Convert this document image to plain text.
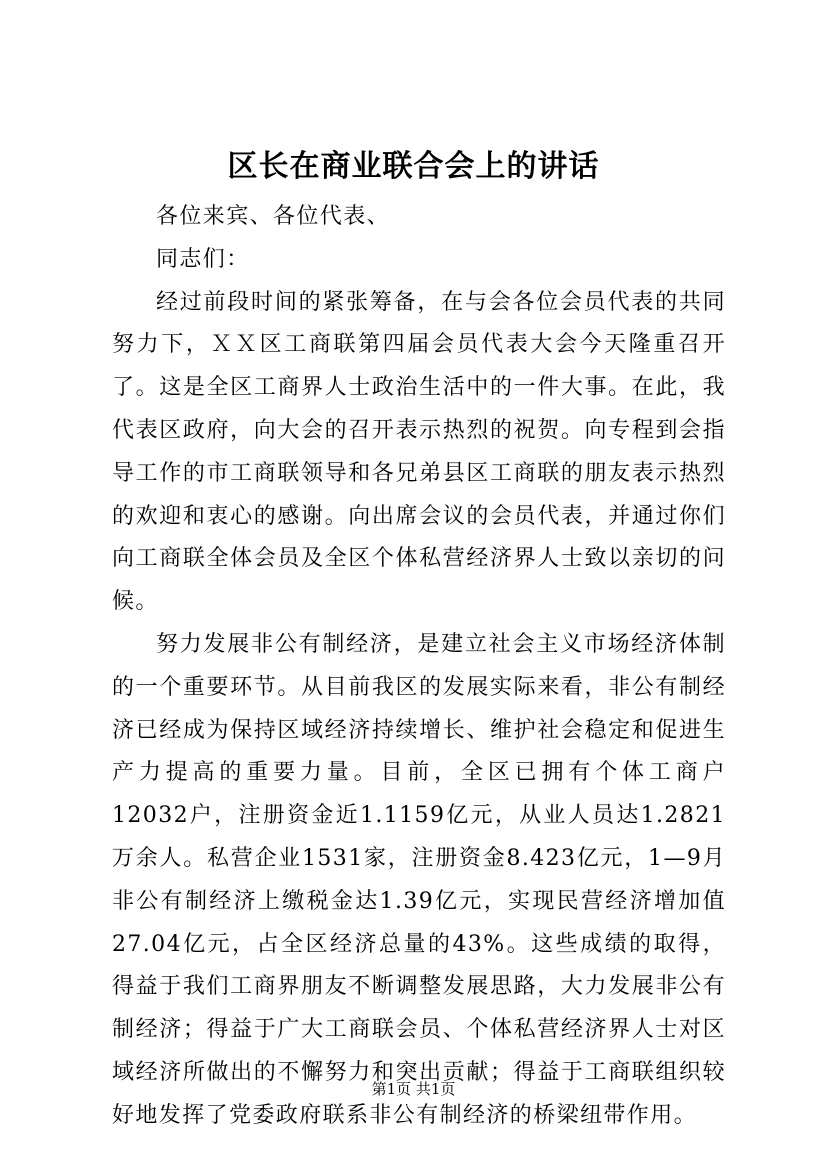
区长在商业联合会上的讲话

各位来宾、各位代表、

同志们：

经过前段时间的紧张筹备，在与会各位会员代表的共同努力下，ＸＸ区工商联第四届会员代表大会今天隆重召开了。这是全区工商界人士政治生活中的一件大事。在此，我代表区政府，向大会的召开表示热烈的祝贺。向专程到会指导工作的市工商联领导和各兄弟县区工商联的朋友表示热烈的欢迎和衷心的感谢。向出席会议的会员代表，并通过你们向工商联全体会员及全区个体私营经济界人士致以亲切的问候。

努力发展非公有制经济，是建立社会主义市场经济体制的一个重要环节。从目前我区的发展实际来看，非公有制经济已经成为保持区域经济持续增长、维护社会稳定和促进生产力提高的重要力量。目前，全区已拥有个体工商户12032户，注册资金近1.1159亿元，从业人员达1.2821万余人。私营企业1531家，注册资金8.423亿元，1—9月非公有制经济上缴税金达1.39亿元，实现民营经济增加值27.04亿元，占全区经济总量的43%。这些成绩的取得，得益于我们工商界朋友不断调整发展思路，大力发展非公有制经济；得益于广大工商联会员、个体私营经济界人士对区域经济所做出的不懈努力和突出贡献；得益于工商联组织较好地发挥了党委政府联系非公有制经济的桥梁纽带作用。

第1页 共1页
